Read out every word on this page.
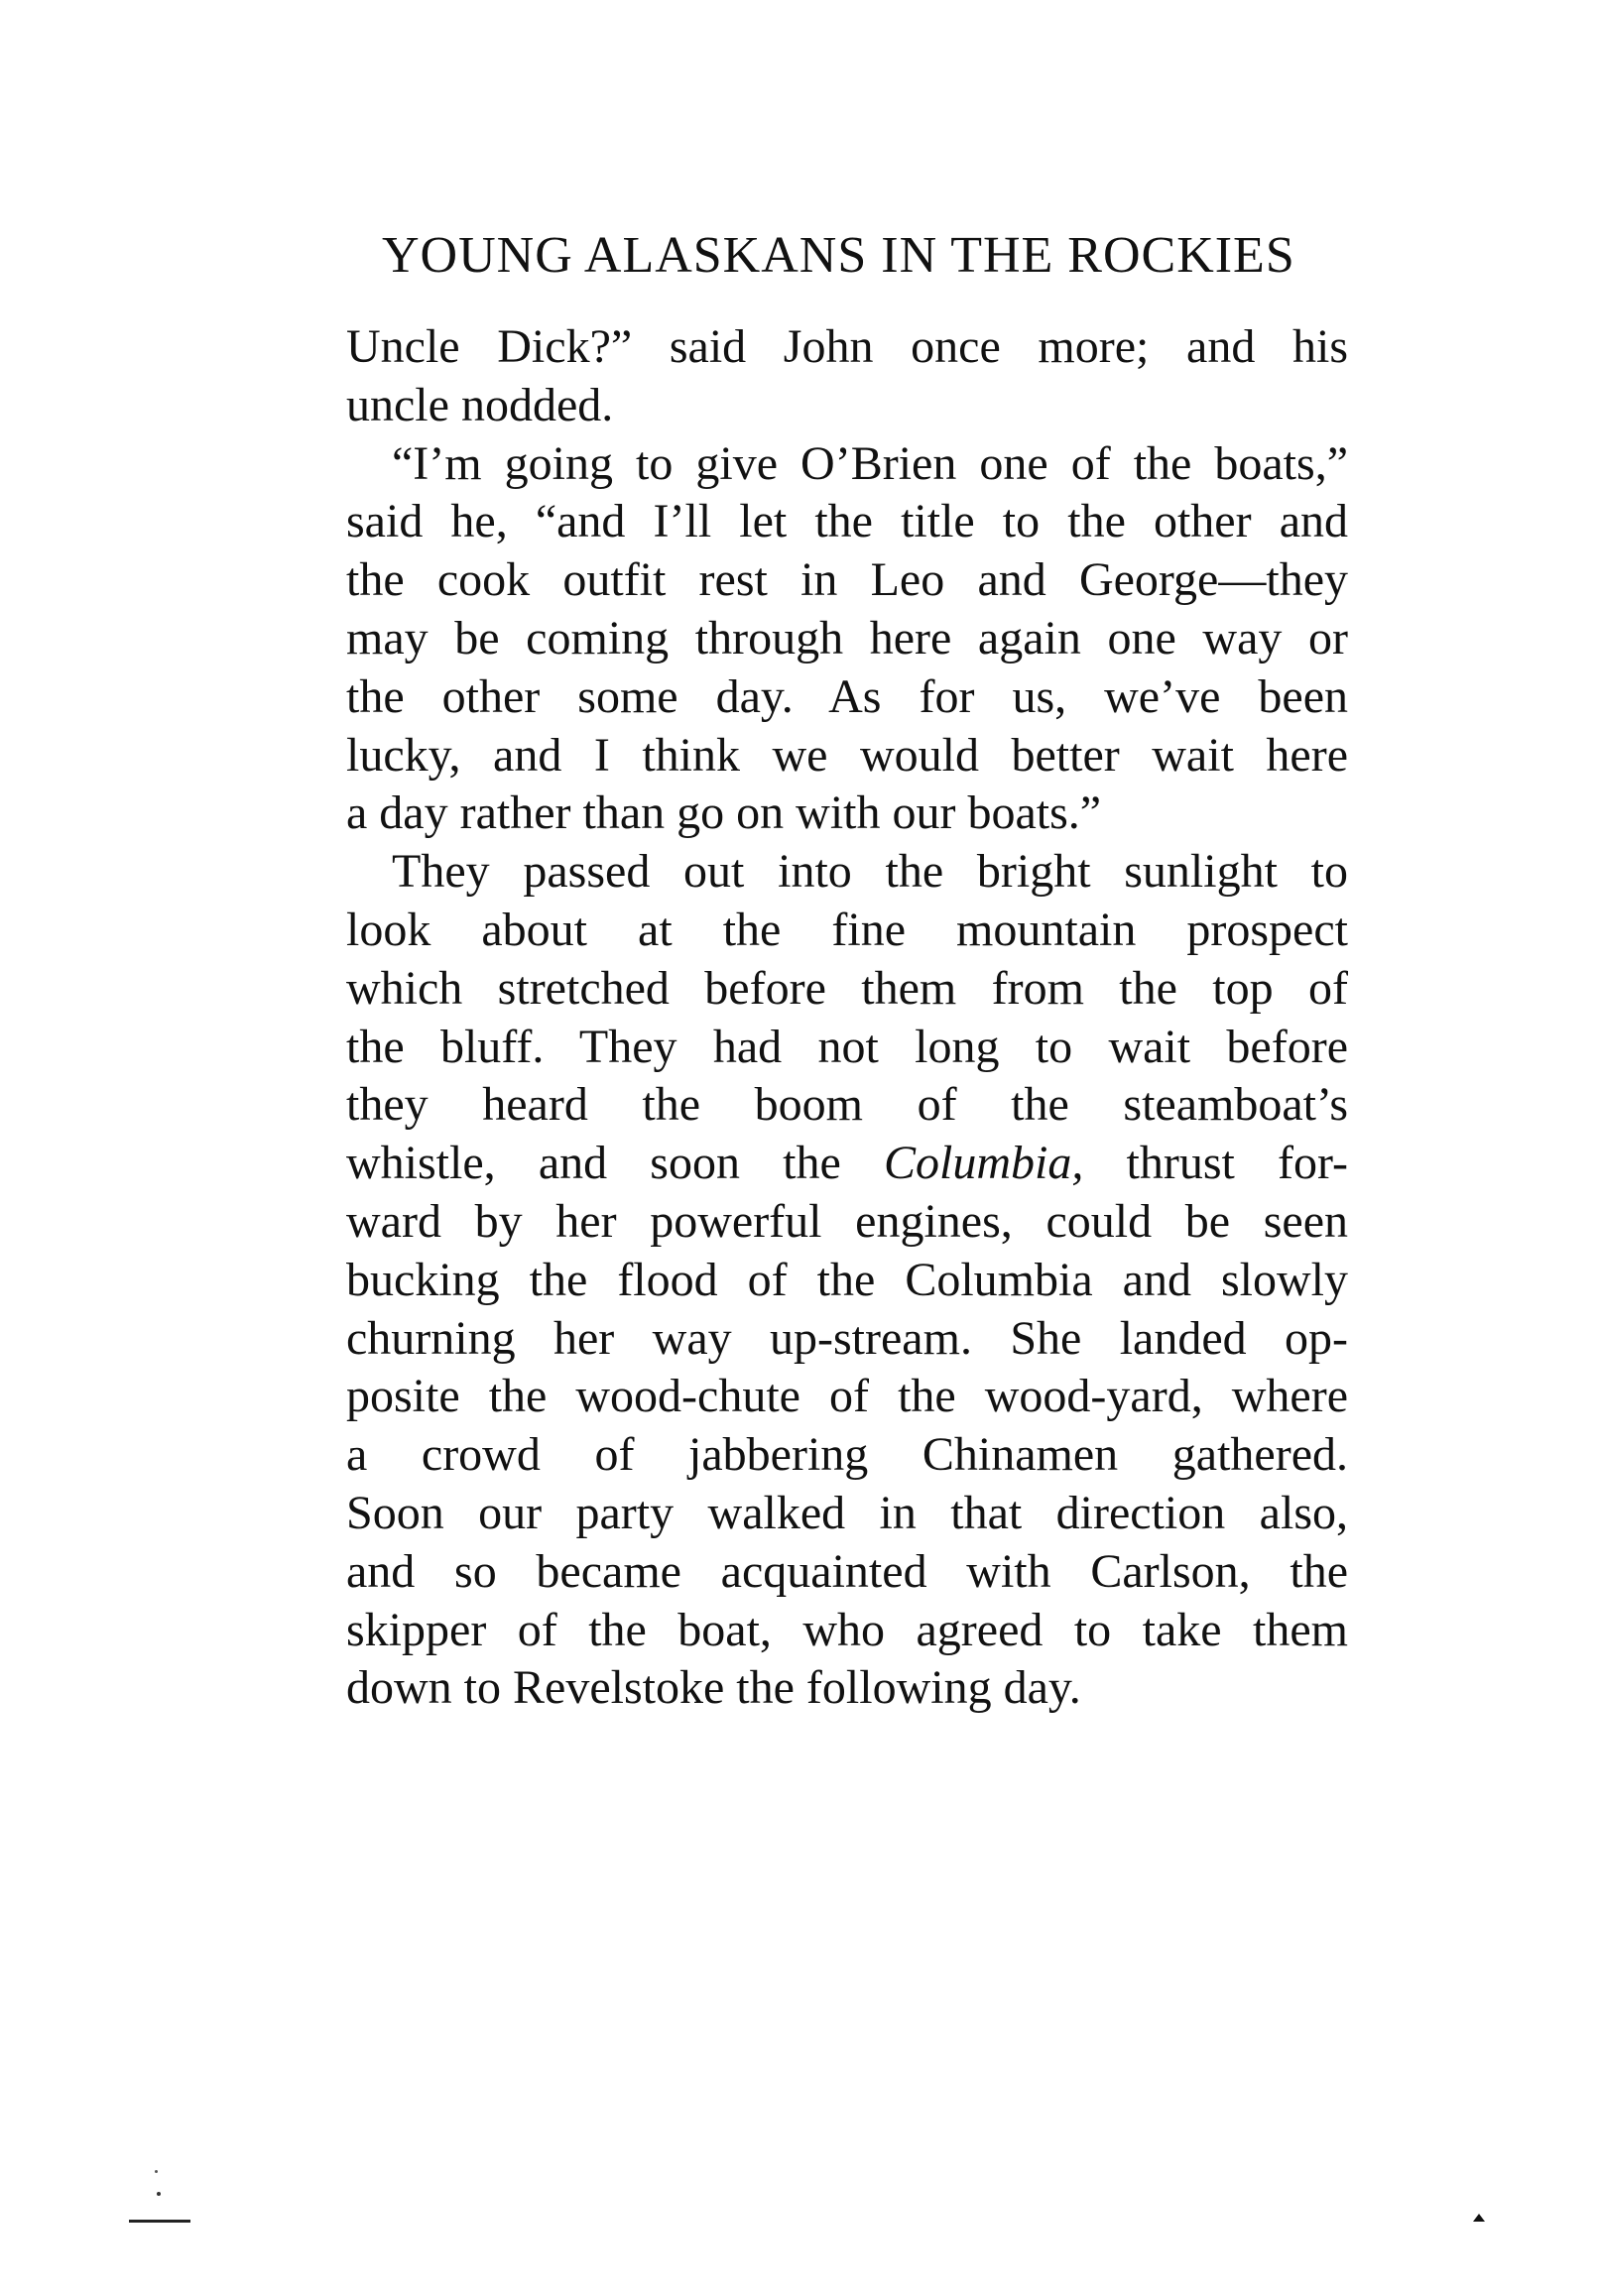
YOUNG ALASKANS IN THE ROCKIES
Uncle Dick?” said John once more; and his
uncle nodded.
“I’m going to give O’Brien one of the boats,”
said he, “and I’ll let the title to the other and
the cook outfit rest in Leo and George—they
may be coming through here again one way or
the other some day. As for us, we’ve been
lucky, and I think we would better wait here
a day rather than go on with our boats.”
They passed out into the bright sunlight to
look about at the fine mountain prospect
which stretched before them from the top of
the bluff. They had not long to wait before
they heard the boom of the steamboat’s
whistle, and soon the Columbia, thrust for-
ward by her powerful engines, could be seen
bucking the flood of the Columbia and slowly
churning her way up-stream. She landed op-
posite the wood-chute of the wood-yard, where
a crowd of jabbering Chinamen gathered.
Soon our party walked in that direction also,
and so became acquainted with Carlson, the
skipper of the boat, who agreed to take them
down to Revelstoke the following day.
